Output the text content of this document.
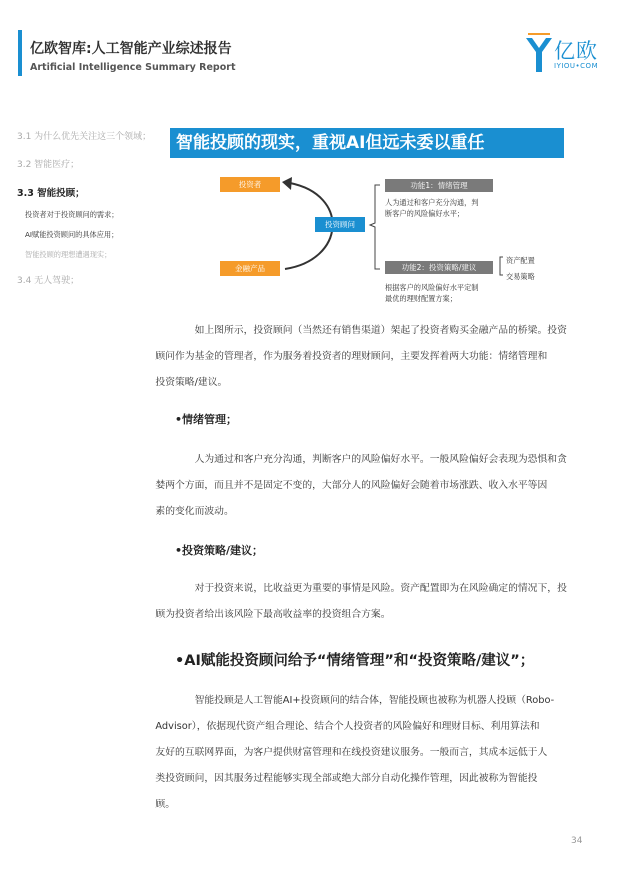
亿欧智库:人工智能产业综述报告
Artificial Intelligence Summary Report
亿欧
IYIOU•COM
3.1 为什么优先关注这三个领域；
3.2 智能医疗；
3.3 智能投顾；
投资者对于投资顾问的需求；
AI赋能投资顾问的具体应用；
智能投顾的理想遭遇现实；
3.4 无人驾驶；
智能投顾的现实，重视AI但远未委以重任
投资者
金融产品
投资顾问
功能1：情绪管理
人为通过和客户充分沟通，判
断客户的风险偏好水平；
功能2：投资策略/建议
资产配置
交易策略
根据客户的风险偏好水平定制
最优的理财配置方案；
如上图所示，投资顾问（当然还有销售渠道）架起了投资者购买金融产品的桥梁。投资
顾问作为基金的管理者，作为服务着投资者的理财顾问，主要发挥着两大功能：情绪管理和
投资策略/建议。
•情绪管理；
人为通过和客户充分沟通，判断客户的风险偏好水平。一般风险偏好会表现为恐惧和贪
婪两个方面，而且并不是固定不变的，大部分人的风险偏好会随着市场涨跌、收入水平等因
素的变化而波动。
•投资策略/建议；
对于投资来说，比收益更为重要的事情是风险。资产配置即为在风险确定的情况下，投
顾为投资者给出该风险下最高收益率的投资组合方案。
•AI赋能投资顾问给予“情绪管理”和“投资策略/建议”；
智能投顾是人工智能AI+投资顾问的结合体，智能投顾也被称为机器人投顾（Robo-
Advisor），依据现代资产组合理论、结合个人投资者的风险偏好和理财目标、利用算法和
友好的互联网界面，为客户提供财富管理和在线投资建议服务。一般而言，其成本远低于人
类投资顾问，因其服务过程能够实现全部或绝大部分自动化操作管理，因此被称为智能投
顾。
34
